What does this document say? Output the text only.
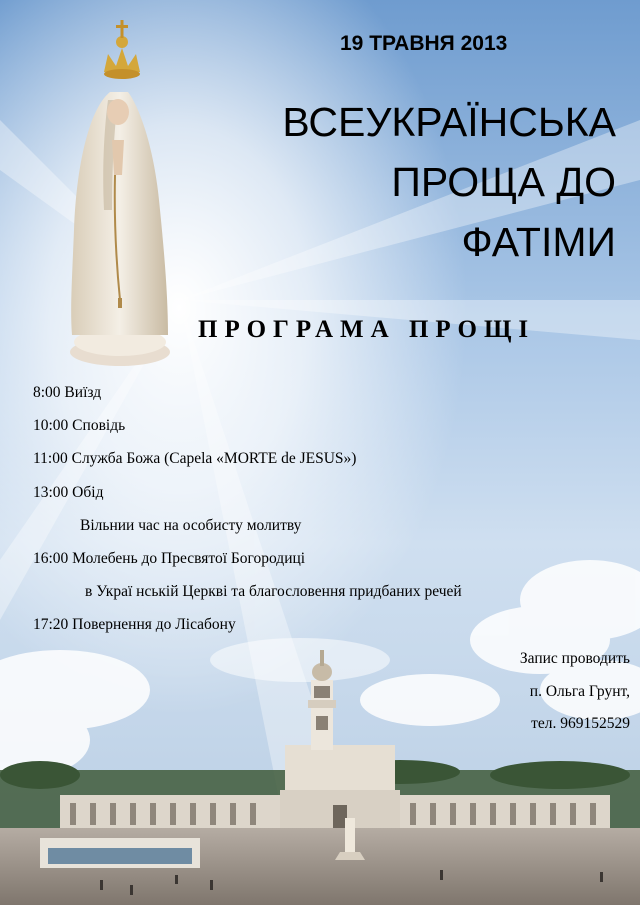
19 ТРАВНЯ 2013
ВСЕУКРАЇНСЬКА
ПРОЩА ДО
ФАТІМИ
ПРОГРАМА ПРОЩІ
8:00 Виїзд
10:00 Сповідь
11:00 Служба Божа (Capela «MORTE de JESUS»)
13:00 Обід
Вільнии час на особисту молитву
16:00 Молебень до Пресвятої Богородиці
в Украї нській Церкві та благословення придбаних речей
17:20 Повернення до Лісабону
Запис проводить
п. Ольга Грунт,
тел. 969152529
